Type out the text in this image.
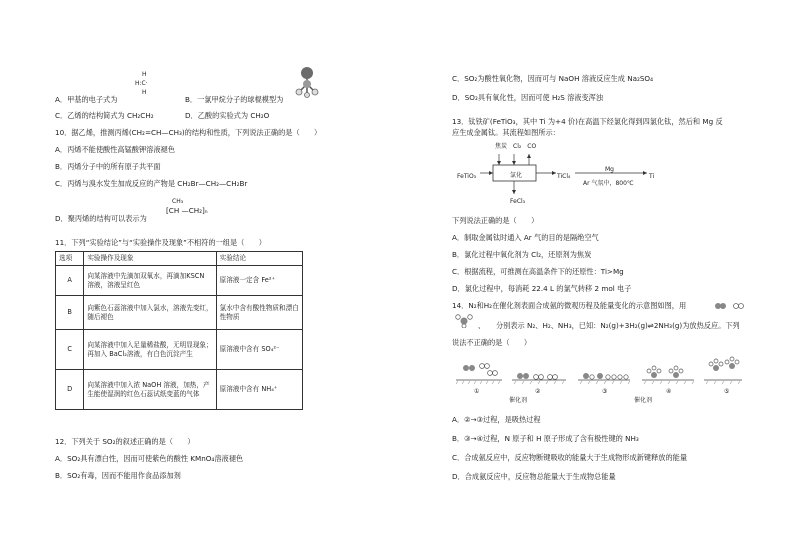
H
H:C·
H
A．甲基的电子式为	B．一氯甲烷分子的球棍模型为
C．乙烯的结构简式为 CH₂CH₂	D．乙酸的实验式为 CH₂O
10．据乙烯，推测丙烯(CH₂=CH—CH₃)的结构和性质，下列说法正确的是（　　）
A．丙烯不能使酸性高锰酸钾溶液褪色
B．丙烯分子中的所有原子共平面
C．丙烯与溴水发生加成反应的产物是 CH₂Br—CH₂—CH₂Br
CH₃
D．聚丙烯的结构可以表示为
[CH —CH₂]ₙ
11．下列“实验结论”与“实验操作及现象”不相符的一组是（　　）
选项	实验操作及现象	实验结论
A	向某溶液中先滴加双氧水，再滴加KSCN 溶液，溶液呈红色	原溶液一定含 Fe²⁺
B	向紫色石蕊溶液中加入氯水，溶液先变红，随后褪色	氯水中含有酸性物质和漂白性物质
C	向某溶液中加入足量稀盐酸，无明显现象；再加入 BaCl₂溶液，有白色沉淀产生	原溶液中含有 SO₄²⁻
D	向某溶液中加入浓 NaOH 溶液，加热，产生能使湿润的红色石蕊试纸变蓝的气体	原溶液中含有 NH₄⁺
12．下列关于 SO₂的叙述正确的是（　　）
A．SO₂具有漂白性，因而可使紫色的酸性 KMnO₄溶液褪色
B．SO₂有毒，因而不能用作食品添加剂
C．SO₂为酸性氧化物，因而可与 NaOH 溶液反应生成 Na₂SO₄
D．SO₂具有氧化性，因而可使 H₂S 溶液变浑浊
13．钛铁矿(FeTiO₃，其中 Ti 为+4 价)在高温下经氯化得到四氯化钛，然后和 Mg 反
应生成金属钛。其流程如图所示：
焦炭　Cl₂　CO
FeTiO₃	氯化	TiCl₄
Mg
Ar 气氛中，800℃
Ti
FeCl₃
下列说法正确的是（　　）
A．制取金属钛时通入 Ar 气的目的是隔绝空气
B．氯化过程中氧化剂为 Cl₂，还原剂为焦炭
C．根据流程，可推测在高温条件下的还原性：Ti>Mg
D．氯化过程中，每消耗 22.4 L 的氯气转移 2 mol 电子
14．N₂和H₂在催化剂表面合成氨的微观历程及能量变化的示意图如图，用
、　　分别表示 N₂、H₂、NH₃，已知：N₂(g)+3H₂(g)⇌2NH₃(g)为放热反应。下列
说法不正确的是（　　）
①	②	③	④	⑤
催化剂	催化剂
A．②→③过程，是吸热过程
B．③→④过程，N 原子和 H 原子形成了含有极性键的 NH₃
C．合成氨反应中，反应物断键吸收的能量大于生成物形成新键释放的能量
D．合成氨反应中，反应物总能量大于生成物总能量
